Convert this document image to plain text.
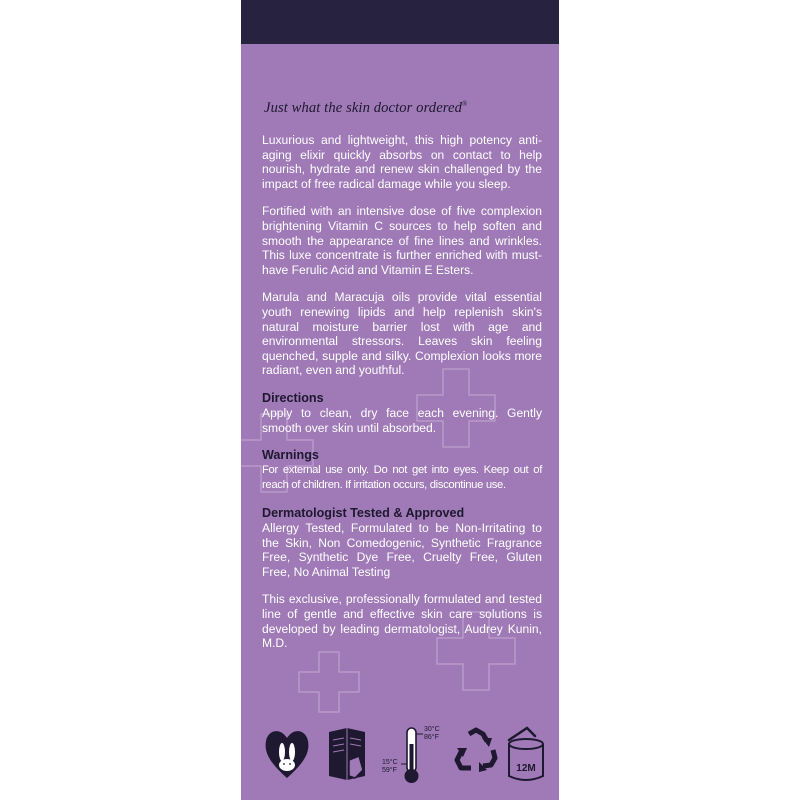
Just what the skin doctor ordered®

Luxurious and lightweight, this high potency anti-aging elixir quickly absorbs on contact to help nourish, hydrate and renew skin challenged by the impact of free radical damage while you sleep.

Fortified with an intensive dose of five complexion brightening Vitamin C sources to help soften and smooth the appearance of fine lines and wrinkles. This luxe concentrate is further enriched with must-have Ferulic Acid and Vitamin E Esters.

Marula and Maracuja oils provide vital essential youth renewing lipids and help replenish skin's natural moisture barrier lost with age and environmental stressors. Leaves skin feeling quenched, supple and silky. Complexion looks more radiant, even and youthful.

Directions

Apply to clean, dry face each evening. Gently smooth over skin until absorbed.

Warnings

For external use only. Do not get into eyes. Keep out of reach of children. If irritation occurs, discontinue use.

Dermatologist Tested & Approved

Allergy Tested, Formulated to be Non-Irritating to the Skin, Non Comedogenic, Synthetic Fragrance Free, Synthetic Dye Free, Cruelty Free, Gluten Free, No Animal Testing

This exclusive, professionally formulated and tested line of gentle and effective skin care solutions is developed by leading dermatologist, Audrey Kunin, M.D.

30°C
86°F
15°C
59°F	12M
